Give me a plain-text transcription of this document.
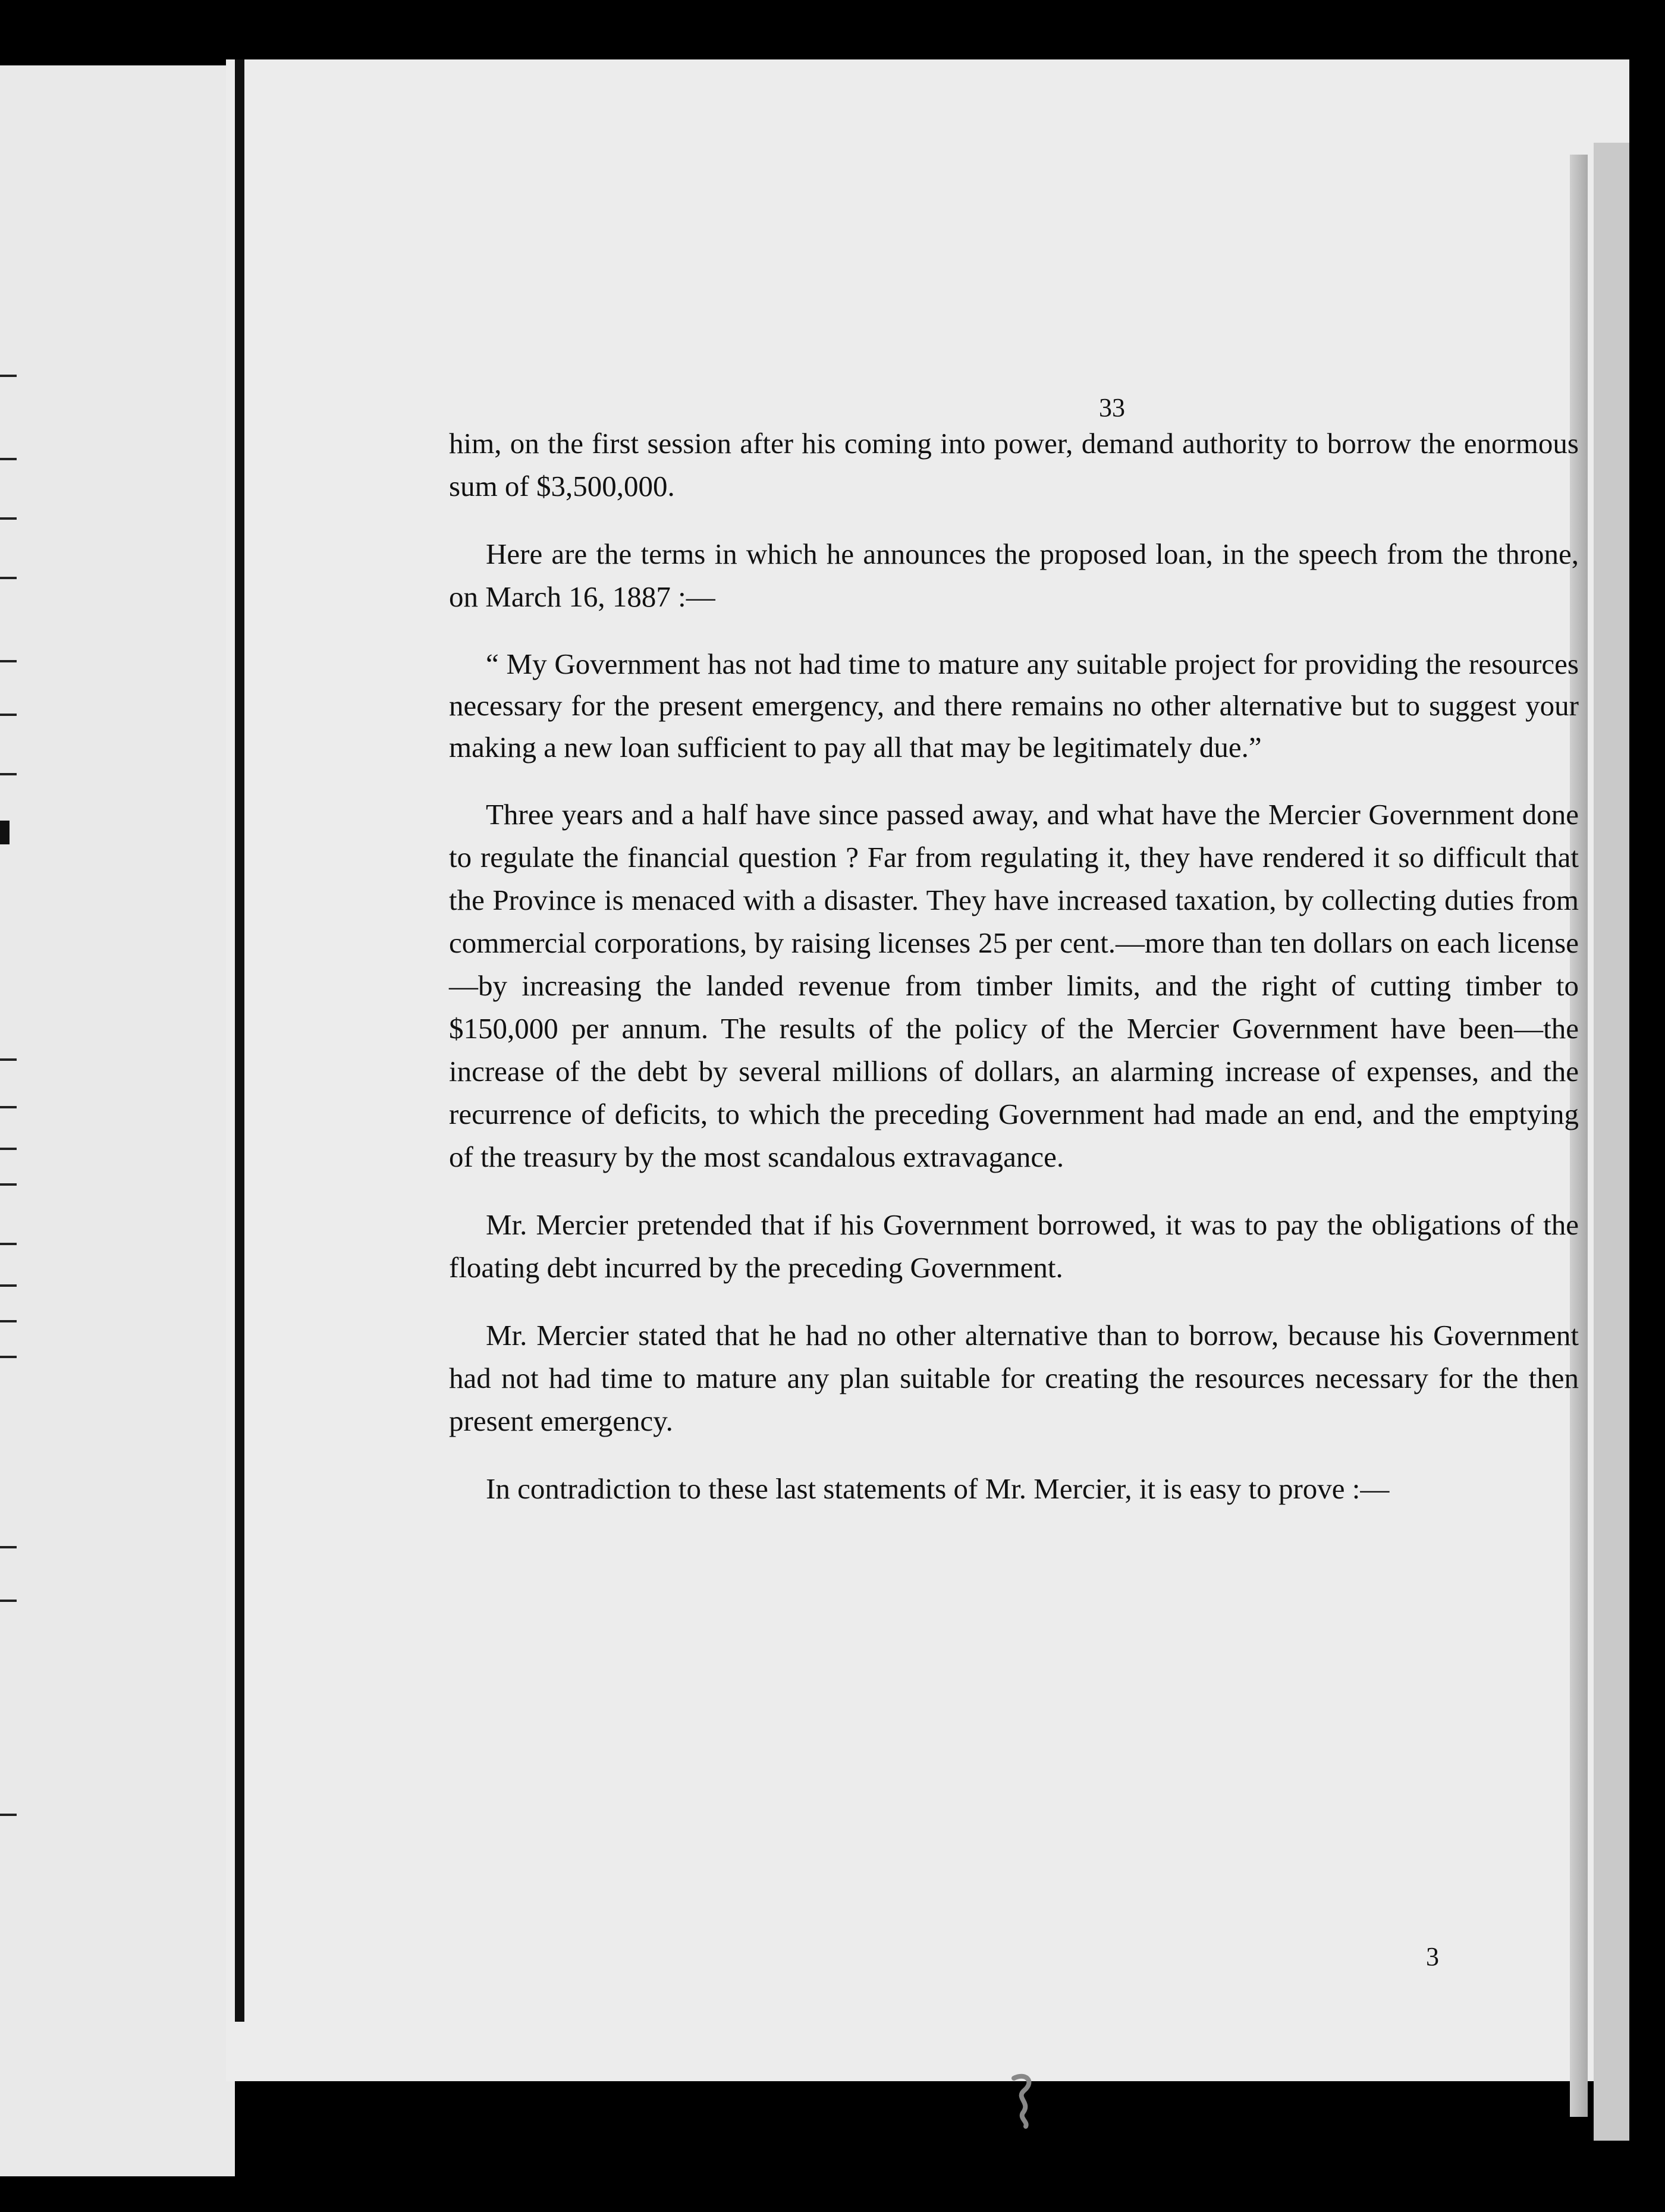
33

him, on the first session after his coming into power, demand authority to borrow the enormous sum of $3,500,000.

Here are the terms in which he announces the proposed loan, in the speech from the throne, on March 16, 1887 :—

“ My Government has not had time to mature any suitable project for providing the resources necessary for the present emergency, and there remains no other alternative but to suggest your making a new loan sufficient to pay all that may be legitimately due.”

Three years and a half have since passed away, and what have the Mercier Government done to regulate the financial question ? Far from regulating it, they have rendered it so difficult that the Province is menaced with a disaster. They have increased taxation, by collecting duties from commercial corporations, by raising licenses 25 per cent.—more than ten dollars on each license—by increasing the landed revenue from timber limits, and the right of cutting timber to $150,000 per annum. The results of the policy of the Mercier Government have been—the increase of the debt by several millions of dollars, an alarming increase of expenses, and the recurrence of deficits, to which the preceding Government had made an end, and the emptying of the treasury by the most scandalous extravagance.

Mr. Mercier pretended that if his Government borrowed, it was to pay the obligations of the floating debt incurred by the preceding Government.

Mr. Mercier stated that he had no other alternative than to borrow, because his Government had not had time to mature any plan suitable for creating the resources necessary for the then present emergency.

In contradiction to these last statements of Mr. Mercier, it is easy to prove :—

3
